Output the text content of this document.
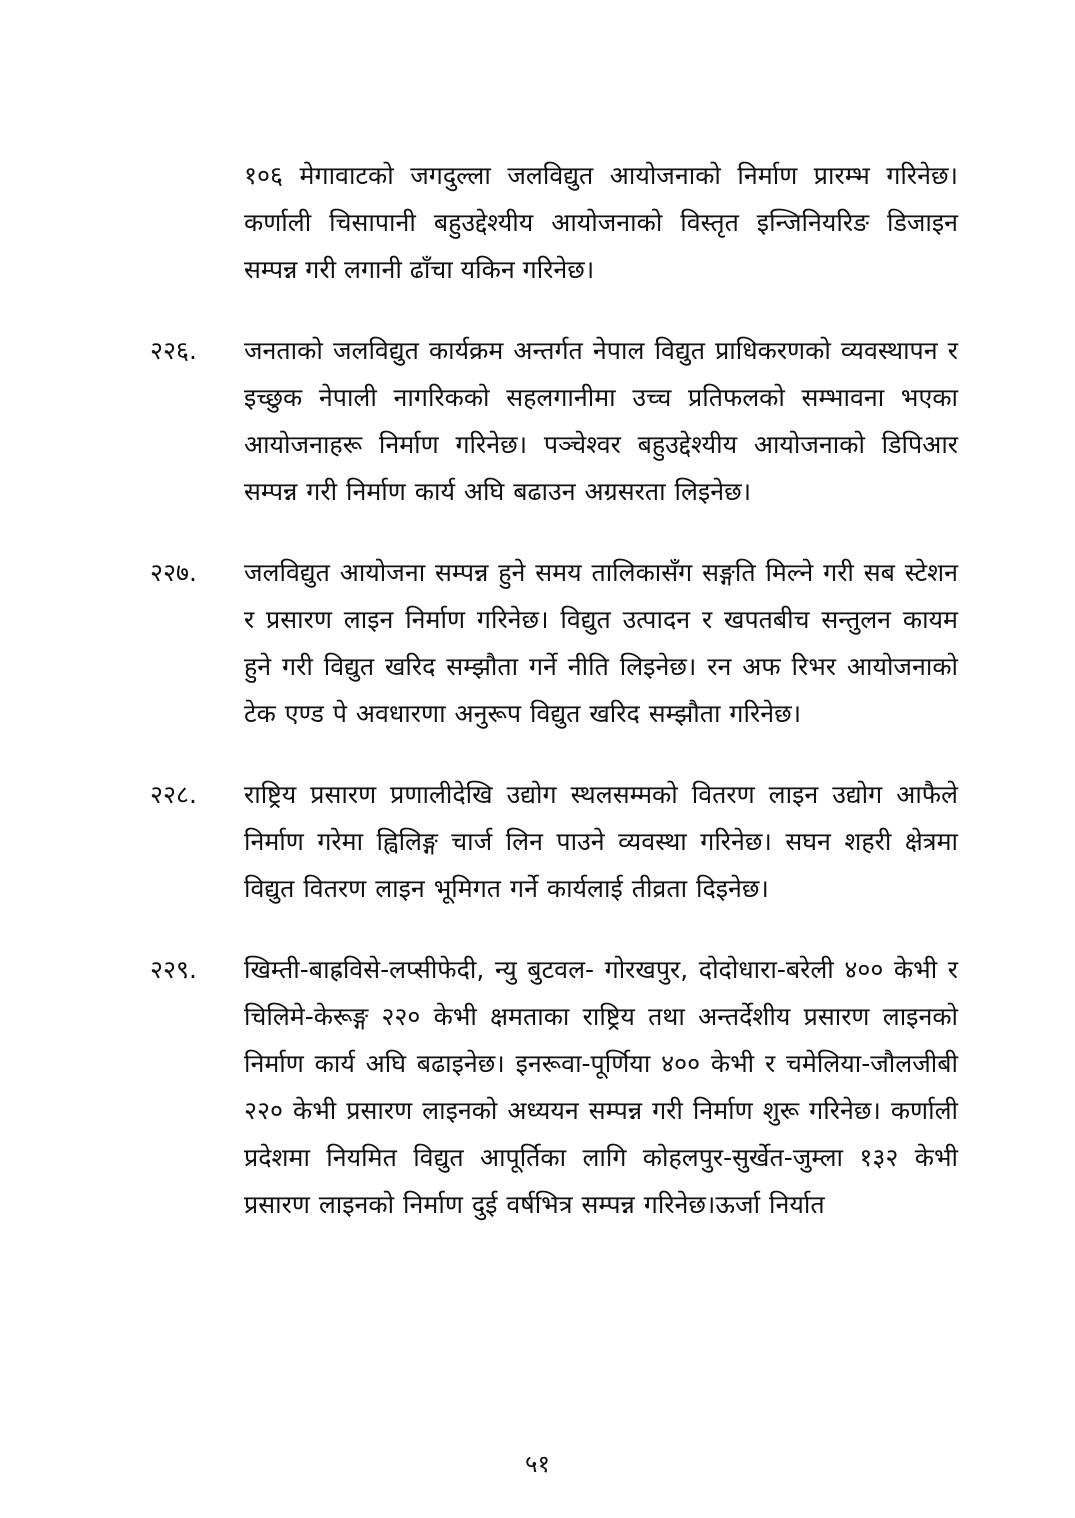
१०६ मेगावाटको जगदुल्ला जलविद्युत आयोजनाको निर्माण प्रारम्भ गरिनेछ। कर्णाली चिसापानी बहुउद्देश्यीय आयोजनाको विस्तृत इन्जिनियरिङ डिजाइन सम्पन्न गरी लगानी ढाँचा यकिन गरिनेछ।
२२६.	जनताको जलविद्युत कार्यक्रम अन्तर्गत नेपाल विद्युत प्राधिकरणको व्यवस्थापन र इच्छुक नेपाली नागरिकको सहलगानीमा उच्च प्रतिफलको सम्भावना भएका आयोजनाहरू निर्माण गरिनेछ। पञ्चेश्वर बहुउद्देश्यीय आयोजनाको डिपिआर सम्पन्न गरी निर्माण कार्य अघि बढाउन अग्रसरता लिइनेछ।
२२७.	जलविद्युत आयोजना सम्पन्न हुने समय तालिकासँग सङ्गति मिल्ने गरी सब स्टेशन र प्रसारण लाइन निर्माण गरिनेछ। विद्युत उत्पादन र खपतबीच सन्तुलन कायम हुने गरी विद्युत खरिद सम्झौता गर्ने नीति लिइनेछ। रन अफ रिभर आयोजनाको टेक एण्ड पे अवधारणा अनुरूप विद्युत खरिद सम्झौता गरिनेछ।
२२८.	राष्ट्रिय प्रसारण प्रणालीदेखि उद्योग स्थलसम्मको वितरण लाइन उद्योग आफैले निर्माण गरेमा ह्विलिङ्ग चार्ज लिन पाउने व्यवस्था गरिनेछ। सघन शहरी क्षेत्रमा विद्युत वितरण लाइन भूमिगत गर्ने कार्यलाई तीव्रता दिइनेछ।
२२९.	खिम्ती-बाह्रविसे-लप्सीफेदी, न्यु बुटवल- गोरखपुर, दोदोधारा-बरेली ४०० केभी र चिलिमे-केरूङ्ग २२० केभी क्षमताका राष्ट्रिय तथा अन्तर्देशीय प्रसारण लाइनको निर्माण कार्य अघि बढाइनेछ। इनरूवा-पूर्णिया ४०० केभी र चमेलिया-जौलजीबी २२० केभी प्रसारण लाइनको अध्ययन सम्पन्न गरी निर्माण शुरू गरिनेछ। कर्णाली प्रदेशमा नियमित विद्युत आपूर्तिका लागि कोहलपुर-सुर्खेत-जुम्ला १३२ केभी प्रसारण लाइनको निर्माण दुई वर्षभित्र सम्पन्न गरिनेछ।ऊर्जा निर्यात
५१
